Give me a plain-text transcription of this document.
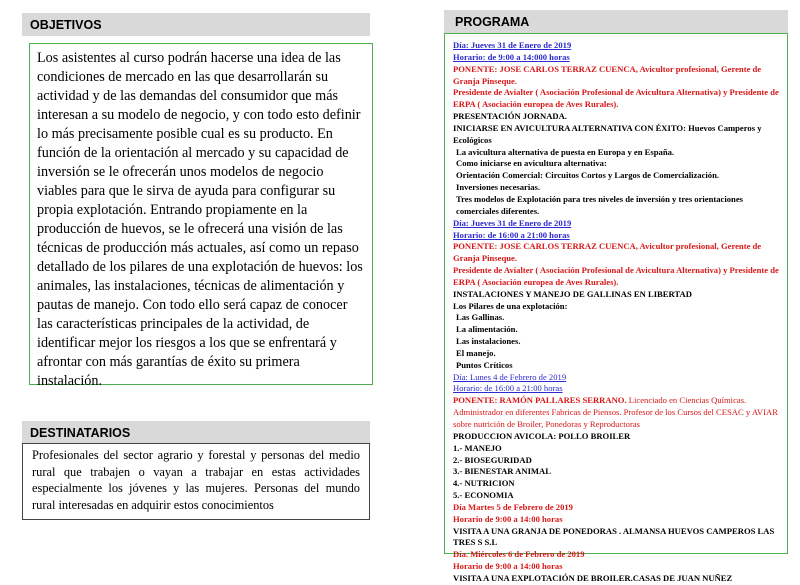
OBJETIVOS

Los asistentes al curso podrán hacerse una idea de las condiciones de mercado en las que desarrollarán su actividad y de las demandas del consumidor que más interesan a su modelo de negocio, y con todo esto definir lo más precisamente posible cual es su producto. En función de la orientación al mercado y su capacidad de inversión se le ofrecerán unos modelos de negocio viables para que le sirva de ayuda para configurar su propia explotación. Entrando propiamente en la producción de huevos, se le ofrecerá una visión de las técnicas de producción más actuales, así como un repaso detallado de los pilares de una explotación de huevos: los animales, las instalaciones, técnicas de alimentación y pautas de manejo. Con todo ello será capaz de conocer las características principales de la actividad, de identificar mejor los riesgos a los que se enfrentará y afrontar con más garantías de éxito su primera instalación.

DESTINATARIOS

Profesionales del sector agrario y forestal y personas del medio rural que trabajen o vayan a trabajar en estas actividades especialmente los jóvenes y las mujeres. Personas del mundo rural interesadas en adquirir estos conocimientos

PROGRAMA
Día: Jueves 31 de Enero de 2019
Horario: de 9:00 a 14:000 horas
PONENTE: JOSE CARLOS TERRAZ CUENCA, Avicultor profesional, Gerente de Granja Pinseque.
Presidente de Avialter ( Asociación Profesional de Avicultura Alternativa) y Presidente de ERPA ( Asociación europea de Aves Rurales).
PRESENTACIÓN JORNADA.
INICIARSE EN AVICULTURA ALTERNATIVA CON ÉXITO: Huevos Camperos y Ecológicos
La avicultura alternativa de puesta en Europa y en España.
Como iniciarse en avicultura alternativa:
Orientación Comercial: Circuitos Cortos y Largos de Comercialización.
Inversiones necesarias.
Tres modelos de Explotación para tres niveles de inversión y tres orientaciones comerciales diferentes.
Día: Jueves 31 de Enero de 2019
Horario: de 16:00 a 21:00 horas
PONENTE: JOSE CARLOS TERRAZ CUENCA, Avicultor profesional, Gerente de Granja Pinseque.
Presidente de Avialter ( Asociación Profesional de Avicultura Alternativa) y Presidente de ERPA ( Asociación europea de Aves Rurales).
INSTALACIONES Y MANEJO DE GALLINAS EN LIBERTAD
Los Pilares de una explotación:
Las Gallinas.
La alimentación.
Las instalaciones.
El manejo.
Puntos Críticos
Día: Lunes 4 de Febrero de 2019
Horario: de 16:00 a 21:00 horas
PONENTE: RAMÓN PALLARES SERRANO. Licenciado en Ciencias Químicas. Administrador en diferentes Fabricas de Piensos. Profesor de los Cursos del CESAC y AVIAR sobre nutrición de Broiler, Ponedoras y Reproductoras
PRODUCCION AVICOLA: POLLO BROILER
1.- MANEJO
2.- BIOSEGURIDAD
3.- BIENESTAR ANIMAL
4.- NUTRICION
5.- ECONOMIA
Día Martes 5 de Febrero de 2019
Horario de 9:00 a 14:00 horas
VISITA A UNA GRANJA DE PONEDORAS . ALMANSA HUEVOS CAMPEROS LAS TRES S S.L
Día. Miércoles 6 de Febrero de 2019
Horario de 9:00 a 14:00 horas
VISITA A UNA EXPLOTACIÓN DE BROILER.CASAS DE JUAN NUÑEZ
